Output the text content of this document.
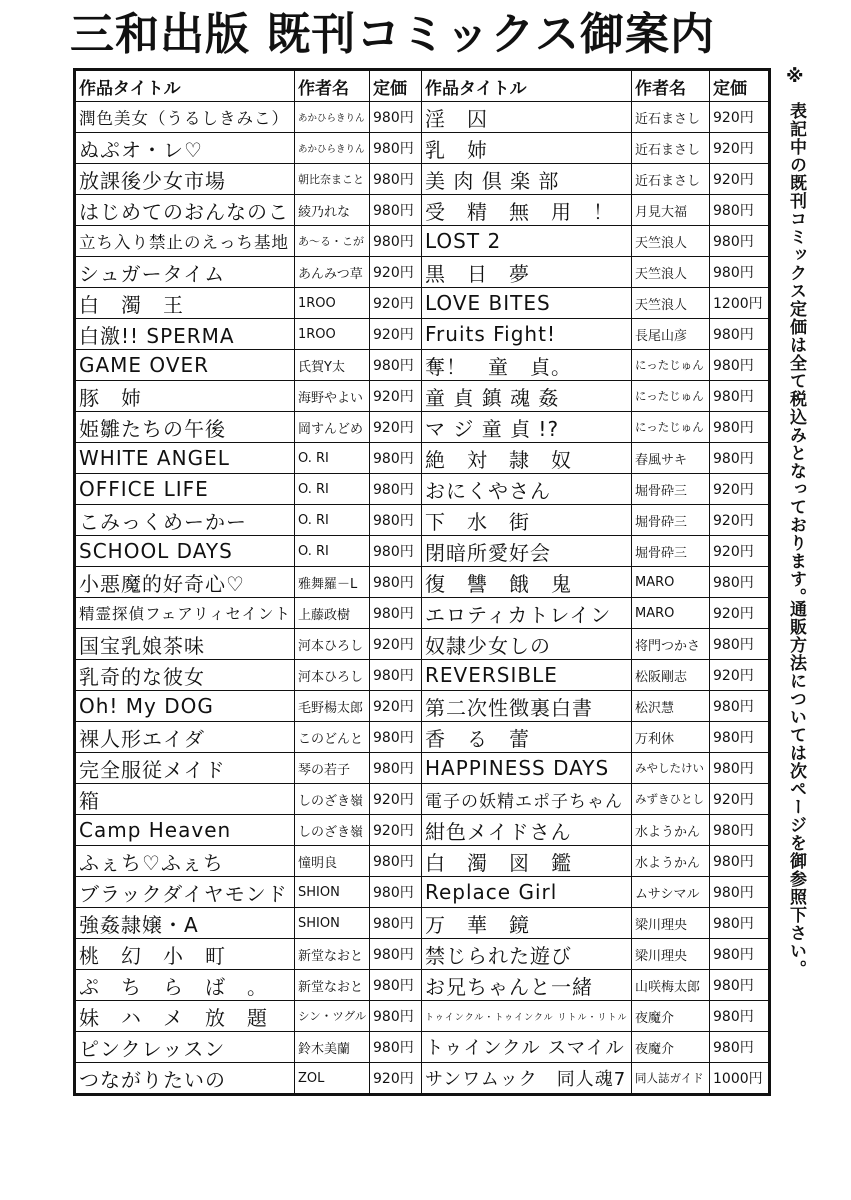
三和出版 既刊コミックス御案内
作品タイトル	作者名	定価	作品タイトル	作者名	定価
潤色美女（うるしきみこ）	あかひらきりん	980円	淫　囚	近石まさし	920円
ぬぷオ・レ♡	あかひらきりん	980円	乳　姉	近石まさし	920円
放課後少女市場	朝比奈まこと	980円	美 肉 倶 楽 部	近石まさし	920円
はじめてのおんなのこ	綾乃れな	980円	受　精　無　用　！	月見大福	980円
立ち入り禁止のえっち基地	あ～る・こが	980円	LOST 2	天竺浪人	980円
シュガータイム	あんみつ草	920円	黒　日　夢	天竺浪人	980円
白　濁　王	1ROO	920円	LOVE BITES	天竺浪人	1200円
白激!! SPERMA	1ROO	920円	Fruits Fight!	長尾山彦	980円
GAME OVER	氏賀Y太	980円	奪！　童　貞。	にったじゅん	980円
豚　姉	海野やよい	920円	童 貞 鎮 魂 姦	にったじゅん	980円
姫雛たちの午後	岡すんどめ	920円	マ ジ 童 貞 !?	にったじゅん	980円
WHITE ANGEL	O. RI	980円	絶　対　隷　奴	春風サキ	980円
OFFICE LIFE	O. RI	980円	おにくやさん	堀骨砕三	920円
こみっくめーかー	O. RI	980円	下　水　街	堀骨砕三	920円
SCHOOL DAYS	O. RI	980円	閉暗所愛好会	堀骨砕三	920円
小悪魔的好奇心♡	雅舞羅－L	980円	復　讐　餓　鬼	MARO	980円
精霊探偵フェアリィセイント	上藤政樹	980円	エロティカトレイン	MARO	920円
国宝乳娘茶味	河本ひろし	920円	奴隷少女しの	将門つかさ	980円
乳奇的な彼女	河本ひろし	980円	REVERSIBLE	松阪剛志	920円
Oh! My DOG	毛野楊太郎	920円	第二次性徴裏白書	松沢慧	980円
裸人形エイダ	このどんと	980円	香　る　蕾	万利休	980円
完全服従メイド	琴の若子	980円	HAPPINESS DAYS	みやしたけい	980円
箱	しのざき嶺	920円	電子の妖精エポ子ちゃん	みずきひとし	920円
Camp Heaven	しのざき嶺	920円	紺色メイドさん	水ようかん	980円
ふぇち♡ふぇち	憧明良	980円	白　濁　図　鑑	水ようかん	980円
ブラックダイヤモンド	SHION	980円	Replace Girl	ムサシマル	980円
強姦隷嬢・A	SHION	980円	万　華　鏡	梁川理央	980円
桃　幻　小　町	新堂なおと	980円	禁じられた遊び	梁川理央	980円
ぷ　ち　ら　ば　。	新堂なおと	980円	お兄ちゃんと一緒	山咲梅太郎	980円
妹　ハ　メ　放　題	シン・ツグル	980円	トゥインクル・トゥインクル リトル・リトル	夜魔介	980円
ピンクレッスン	鈴木美蘭	980円	トゥインクル スマイル	夜魔介	980円
つながりたいの	ZOL	920円	サンワムック　同人魂7	同人誌ガイド	1000円
※
表記中の既刊コミックス定価は全て税込みとなっております。
通販方法については次ページを御参照下さい。
